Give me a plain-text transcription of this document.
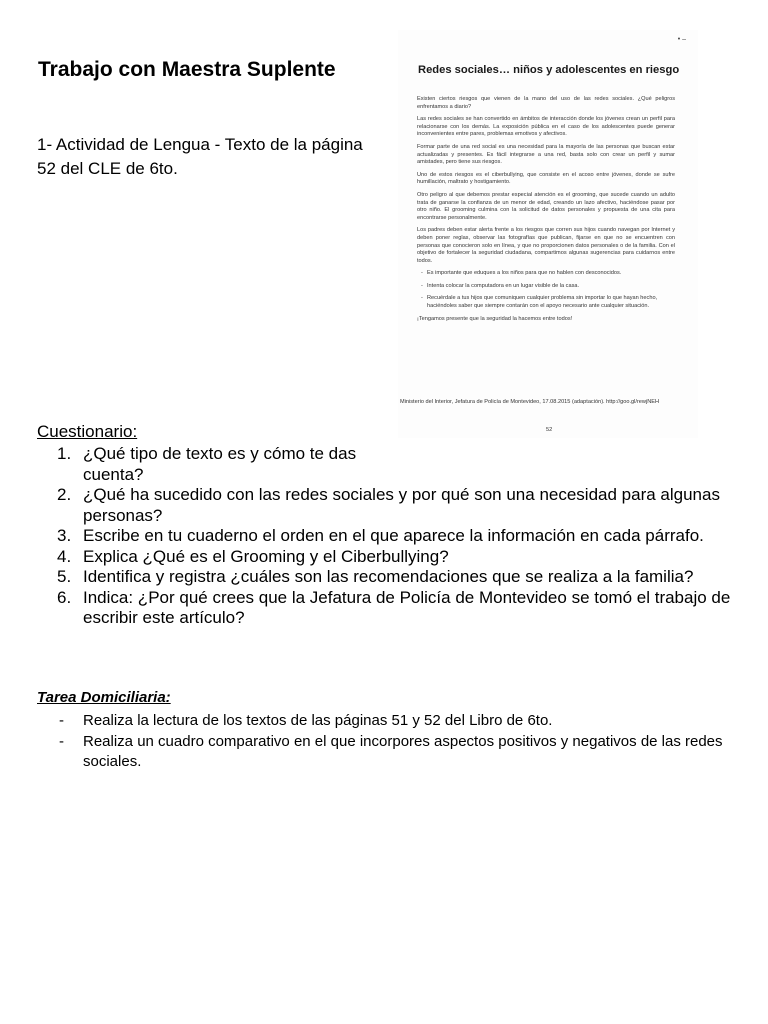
Trabajo con Maestra Suplente
1- Actividad de Lengua - Texto de la página 52 del CLE de 6to.
• –
Redes sociales… niños y adolescentes en riesgo

Existen ciertos riesgos que vienen de la mano del uso de las redes sociales. ¿Qué peligros enfrentamos a diario?

Las redes sociales se han convertido en ámbitos de interacción donde los jóvenes crean un perfil para relacionarse con los demás. La exposición pública en el caso de los adolescentes puede generar inconvenientes entre pares, problemas emotivos y afectivos.

Formar parte de una red social es una necesidad para la mayoría de las personas que buscan estar actualizadas y presentes. Es fácil integrarse a una red, basta solo con crear un perfil y sumar amistades, pero tiene sus riesgos.

Uno de estos riesgos es el ciberbullying, que consiste en el acoso entre jóvenes, donde se sufre humillación, maltrato y hostigamiento.

Otro peligro al que debemos prestar especial atención es el grooming, que sucede cuando un adulto trata de ganarse la confianza de un menor de edad, creando un lazo afectivo, haciéndose pasar por otro niño. El grooming culmina con la solicitud de datos personales y propuesta de una cita para encontrarse personalmente.

Los padres deben estar alerta frente a los riesgos que corren sus hijos cuando navegan por Internet y deben poner reglas, observar las fotografías que publican, fijarse en que no se encuentren con personas que conocieron solo en línea, y que no proporcionen datos personales o de la familia. Con el objetivo de fortalecer la seguridad ciudadana, compartimos algunas sugerencias para cuidarnos entre todos.

- Es importante que eduques a los niños para que no hablen con desconocidos.
- Intenta colocar la computadora en un lugar visible de la casa.
- Recuérdale a tus hijos que comuniquen cualquier problema sin importar lo que hayan hecho, haciéndoles saber que siempre contarán con el apoyo necesario ante cualquier situación.

¡Tengamos presente que la seguridad la hacemos entre todos!

Ministerio del Interior, Jefatura de Policía de Montevideo, 17.08.2015 (adaptación). http://goo.gl/rewjNEH
52
Cuestionario:
1. ¿Qué tipo de texto es y cómo te das cuenta?
2. ¿Qué ha sucedido con las redes sociales y por qué son una necesidad para algunas personas?
3. Escribe en tu cuaderno el orden en el que aparece la información en cada párrafo.
4. Explica ¿Qué es el Grooming y el Ciberbullying?
5. Identifica y registra ¿cuáles son las recomendaciones que se realiza a la familia?
6. Indica: ¿Por qué crees que la Jefatura de Policía de Montevideo se tomó el trabajo de escribir este artículo?
Tarea Domiciliaria:
- Realiza la lectura de los textos de las páginas 51 y 52 del Libro de 6to.
- Realiza un cuadro comparativo en el que incorpores aspectos positivos y negativos de las redes sociales.
